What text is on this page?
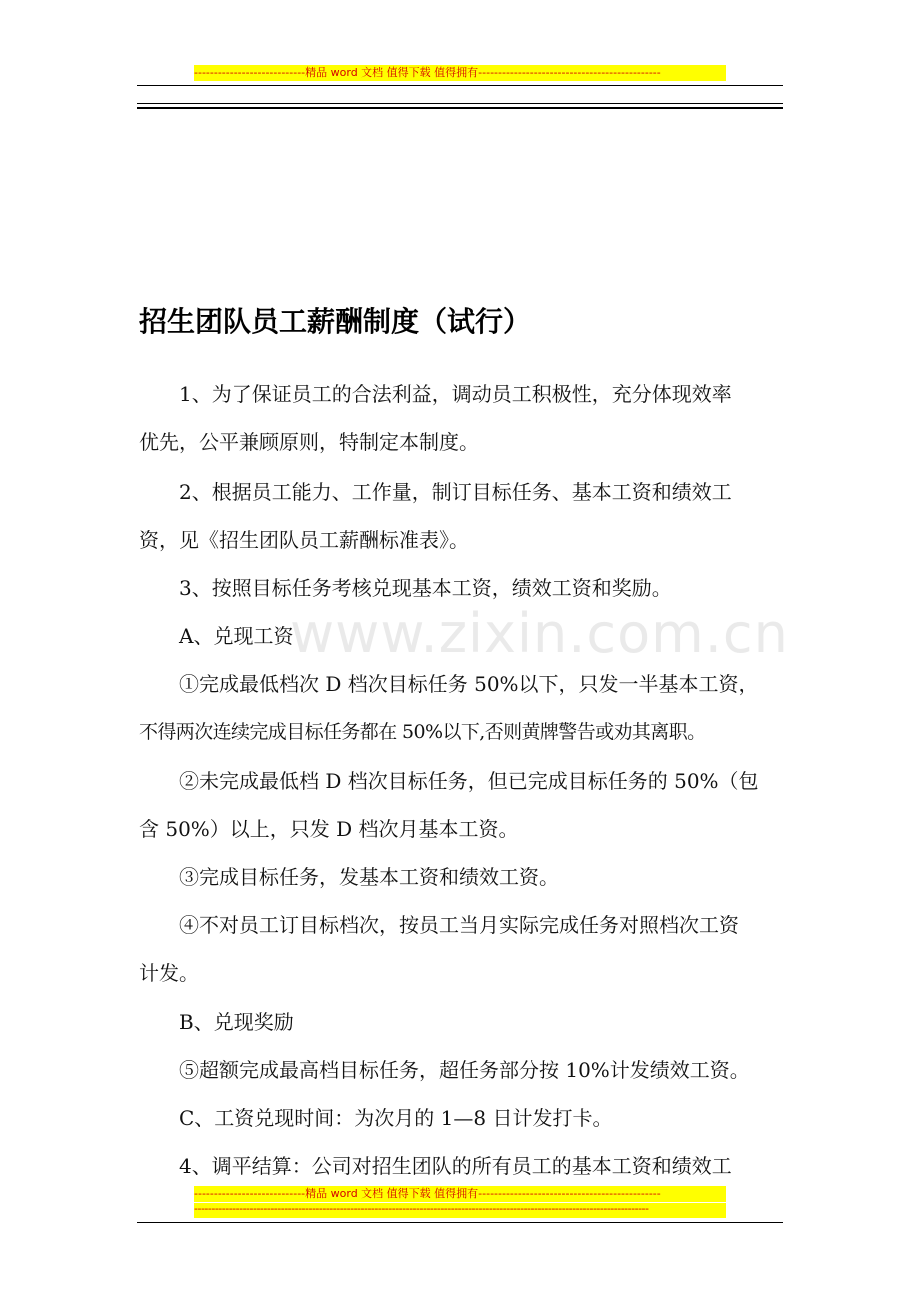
----------------------------精品 word 文档 值得下载 值得拥有----------------------------------------------
www.zixin.com.cn
招生团队员工薪酬制度（试行）
1、为了保证员工的合法利益，调动员工积极性，充分体现效率
优先，公平兼顾原则，特制定本制度。
2、根据员工能力、工作量，制订目标任务、基本工资和绩效工
资，见《招生团队员工薪酬标准表》。
3、按照目标任务考核兑现基本工资，绩效工资和奖励。
A、兑现工资
①完成最低档次 D 档次目标任务 50%以下，只发一半基本工资，
不得两次连续完成目标任务都在 50%以下,否则黄牌警告或劝其离职。
②未完成最低档 D 档次目标任务，但已完成目标任务的 50%（包
含 50%）以上，只发 D 档次月基本工资。
③完成目标任务，发基本工资和绩效工资。
④不对员工订目标档次，按员工当月实际完成任务对照档次工资
计发。
B、兑现奖励
⑤超额完成最高档目标任务，超任务部分按 10%计发绩效工资。
C、工资兑现时间：为次月的 1—8 日计发打卡。
4、调平结算：公司对招生团队的所有员工的基本工资和绩效工
----------------------------精品 word 文档 值得下载 值得拥有----------------------------------------------
-----------------------------------------------------------------------------------------------------------------------------------
